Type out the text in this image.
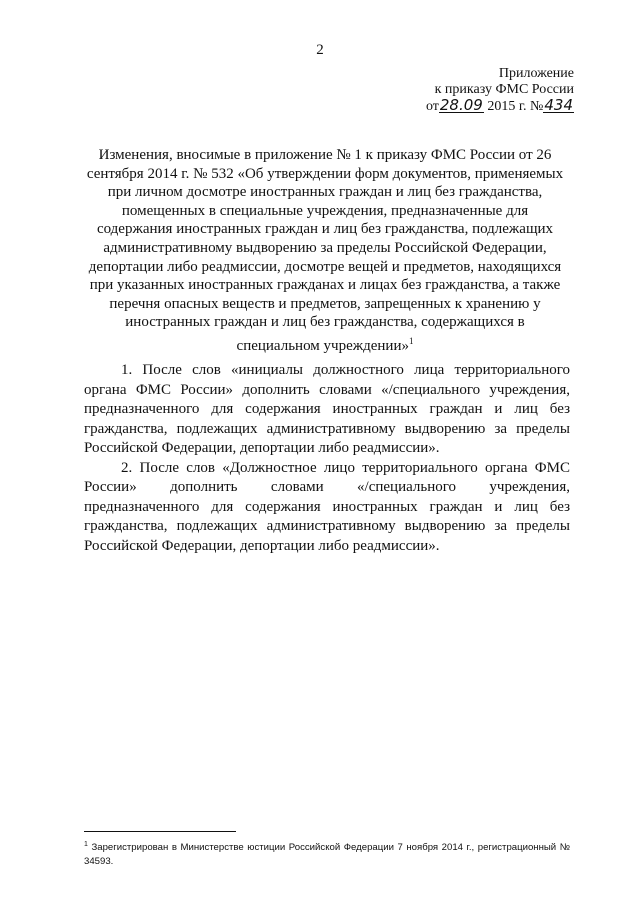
2
Приложение
к приказу ФМС России
от28.09 2015 г. №434
Изменения, вносимые в приложение № 1 к приказу ФМС России от 26 сентября 2014 г. № 532 «Об утверждении форм документов, применяемых при личном досмотре иностранных граждан и лиц без гражданства, помещенных в специальные учреждения, предназначенные для содержания иностранных граждан и лиц без гражданства, подлежащих административному выдворению за пределы Российской Федерации, депортации либо реадмиссии, досмотре вещей и предметов, находящихся при указанных иностранных гражданах и лицах без гражданства, а также перечня опасных веществ и предметов, запрещенных к хранению у иностранных граждан и лиц без гражданства, содержащихся в специальном учреждении»$^1$

1. После слов «инициалы должностного лица территориального органа ФМС России» дополнить словами «/специального учреждения, предназначенного для содержания иностранных граждан и лиц без гражданства, подлежащих административному выдворению за пределы Российской Федерации, депортации либо реадмиссии».

2. После слов «Должностное лицо территориального органа ФМС России» дополнить словами «/специального учреждения, предназначенного для содержания иностранных граждан и лиц без гражданства, подлежащих административному выдворению за пределы Российской Федерации, депортации либо реадмиссии».

$^1$ Зарегистрирован в Министерстве юстиции Российской Федерации 7 ноября 2014 г., регистрационный № 34593.
